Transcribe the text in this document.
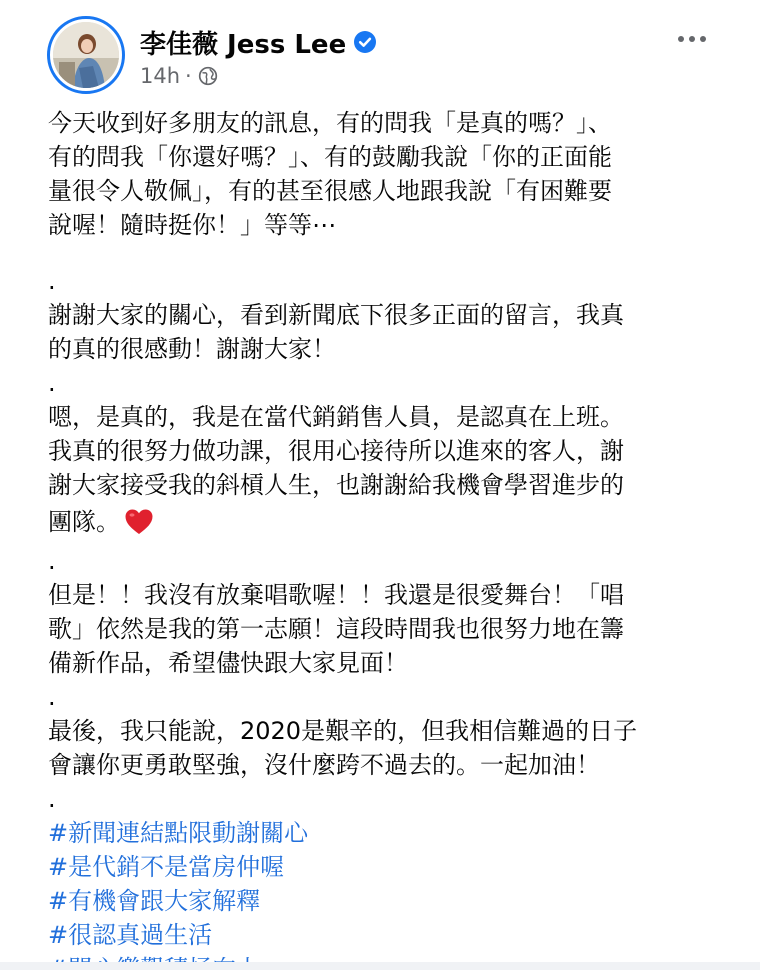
李佳薇 Jess Lee
14h ·

今天收到好多朋友的訊息，有的問我「是真的嗎？」、

有的問我「你還好嗎？」、有的鼓勵我說「你的正面能

量很令人敬佩」，有的甚至很感人地跟我說「有困難要

說喔！隨時挺你！」等等⋯

.

謝謝大家的關心，看到新聞底下很多正面的留言，我真

的真的很感動！謝謝大家！

.

嗯，是真的，我是在當代銷銷售人員，是認真在上班。

我真的很努力做功課，很用心接待所以進來的客人，謝

謝大家接受我的斜槓人生，也謝謝給我機會學習進步的

團隊。

.

但是！！我沒有放棄唱歌喔！！我還是很愛舞台！「唱

歌」依然是我的第一志願！這段時間我也很努力地在籌

備新作品，希望儘快跟大家見面！

.

最後，我只能說，2020是艱辛的，但我相信難過的日子

會讓你更勇敢堅強，沒什麼跨不過去的。一起加油！

.

#新聞連結點限動謝關心
#是代銷不是當房仲喔
#有機會跟大家解釋
#很認真過生活
